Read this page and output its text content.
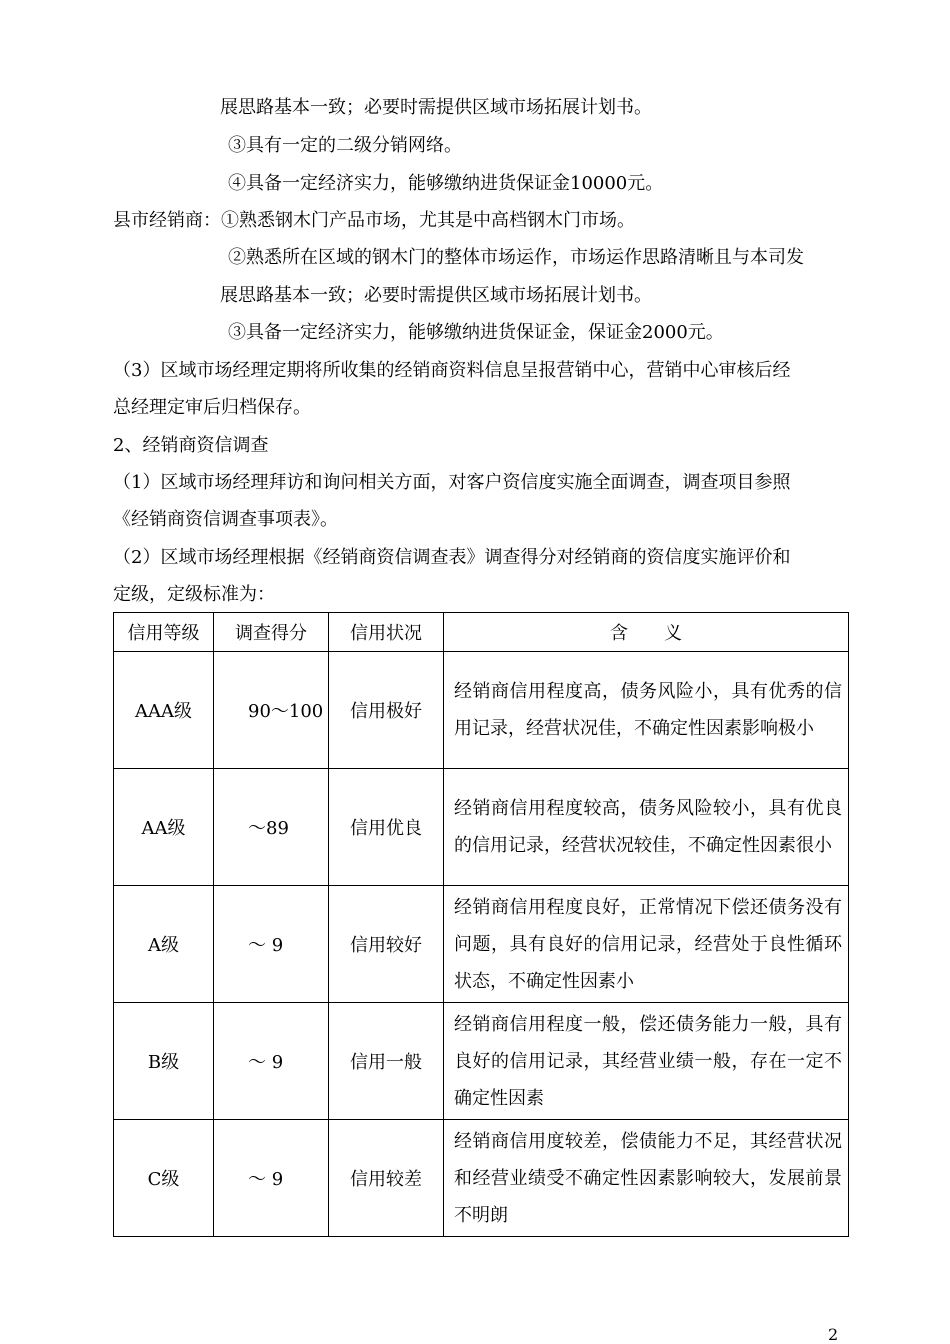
展思路基本一致；必要时需提供区域市场拓展计划书。
③具有一定的二级分销网络。
④具备一定经济实力，能够缴纳进货保证金10000元。
县市经销商：①熟悉钢木门产品市场，尤其是中高档钢木门市场。
②熟悉所在区域的钢木门的整体市场运作，市场运作思路清晰且与本司发
展思路基本一致；必要时需提供区域市场拓展计划书。
③具备一定经济实力，能够缴纳进货保证金，保证金2000元。
（3）区域市场经理定期将所收集的经销商资料信息呈报营销中心，营销中心审核后经
总经理定审后归档保存。
2、经销商资信调查
（1）区域市场经理拜访和询问相关方面，对客户资信度实施全面调查，调查项目参照
《经销商资信调查事项表》。
（2）区域市场经理根据《经销商资信调查表》调查得分对经销商的资信度实施评价和
定级，定级标准为：
信用等级	调查得分	信用状况	含　　义
AAA级	90～100	信用极好	经销商信用程度高，债务风险小，具有优秀的信用记录，经营状况佳，不确定性因素影响极小
AA级	～89	信用优良	经销商信用程度较高，债务风险较小，具有优良的信用记录，经营状况较佳，不确定性因素很小
A级	～ 9	信用较好	经销商信用程度良好，正常情况下偿还债务没有问题，具有良好的信用记录，经营处于良性循环状态，不确定性因素小
B级	～ 9	信用一般	经销商信用程度一般，偿还债务能力一般，具有良好的信用记录，其经营业绩一般，存在一定不确定性因素
C级	～ 9	信用较差	经销商信用度较差，偿债能力不足，其经营状况和经营业绩受不确定性因素影响较大，发展前景不明朗
2
